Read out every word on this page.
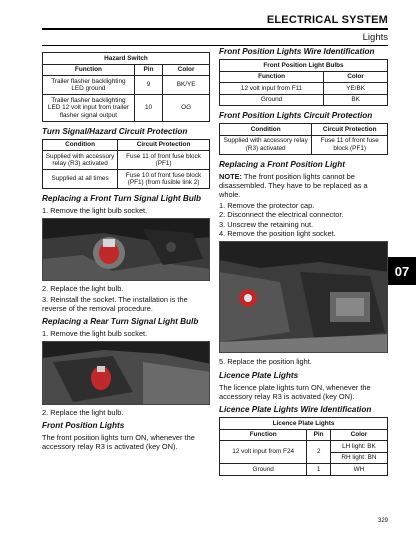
ELECTRICAL SYSTEM
Lights
Hazard Switch		
Function	Pin	Color
Trailer flasher backlighting LED ground	9	BK/YE
Trailer flasher backlighting LED 12 volt input from trailer flasher signal output	10	OG
Turn Signal/Hazard Circuit Protection
Condition	Circuit Protection
Supplied with accessory relay (R3) activated	Fuse 11 of front fuse block (PF1)
Supplied at all times	Fuse 10 of front fuse block (PF1) (from fusible link 2)
Replacing a Front Turn Signal Light Bulb

1. Remove the light bulb socket.

2. Replace the light bulb.

3. Reinstall the socket. The installation is the reverse of the removal procedure.

Replacing a Rear Turn Signal Light Bulb

1. Remove the light bulb socket.

2. Replace the light bulb.

Front Position Lights

The front position lights turn ON, whenever the accessory relay R3 is activated (key ON).

Front Position Lights Wire Identification
Front Position Light Bulbs	
Function	Color
12 volt input from F11	YE/BK
Ground	BK
Front Position Lights Circuit Protection
Condition	Circuit Protection
Supplied with accessory relay (R3) activated	Fuse 11 of front fuse block (PF1)
Replacing a Front Position Light

NOTE: The front position lights cannot be disassembled. They have to be replaced as a whole.

1. Remove the protector cap.
2. Disconnect the electrical connector.
3. Unscrew the retaining nut.
4. Remove the position light socket.

5. Replace the position light.

Licence Plate Lights

The licence plate lights turn ON, whenever the accessory relay R3 is activated (key ON).

Licence Plate Lights Wire Identification
Licence Plate Lights		
Function	Pin	Color
12 volt input from F24	2	LH light: BK
		RH light: BN
Ground	1	WH
07
329
